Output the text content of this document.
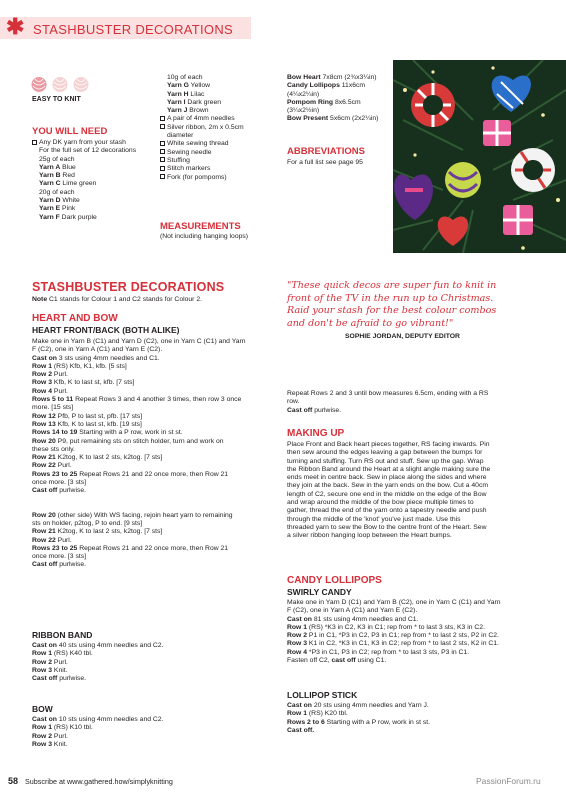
✱ STASHBUSTER DECORATIONS
EASY TO KNIT
YOU WILL NEED
Any DK yarn from your stash
For the full set of 12 decorations
25g of each
Yarn A Blue
Yarn B Red
Yarn C Lime green
20g of each
Yarn D White
Yarn E Pink
Yarn F Dark purple
10g of each
Yarn G Yellow
Yarn H Lilac
Yarn I Dark green
Yarn J Brown
A pair of 4mm needles
Silver ribbon, 2m x 0.5cm
diameter
White sewing thread
Sewing needle
Stuffing
Stitch markers
Fork (for pompoms)
MEASUREMENTS
(Not including hanging loops)
Bow Heart 7x8cm (2¾x3¼in)
Candy Lollipops 11x6cm
(4¼x2¼in)
Pompom Ring 8x6.5cm
(3¼x2½in)
Bow Present 5x6cm (2x2¼in)
ABBREVIATIONS
For a full list see page 95
STASHBUSTER DECORATIONS
Note C1 stands for Colour 1 and C2 stands for Colour 2.
HEART AND BOW
HEART FRONT/BACK (BOTH ALIKE)
Make one in Yarn B (C1) and Yarn D (C2), one in Yarn C (C1) and Yarn
F (C2), one in Yarn A (C1) and Yarn E (C2).
Cast on 3 sts using 4mm needles and C1.
Row 1 (RS) Kfb, K1, kfb. [5 sts]
Row 2 Purl.
Row 3 Kfb, K to last st, kfb. [7 sts]
Row 4 Purl.
Rows 5 to 11 Repeat Rows 3 and 4 another 3 times, then row 3 once
more. [15 sts]
Row 12 Pfb, P to last st, pfb. [17 sts]
Row 13 Kfb, K to last st, kfb. [19 sts]
Rows 14 to 19 Starting with a P row, work in st st.
Row 20 P9, put remaining sts on stitch holder, turn and work on
these sts only.
Row 21 K2tog, K to last 2 sts, k2tog. [7 sts]
Row 22 Purl.
Rows 23 to 25 Repeat Rows 21 and 22 once more, then Row 21
once more. [3 sts]
Cast off purlwise.
Row 20 (other side) With WS facing, rejoin heart yarn to remaining
sts on holder, p2tog, P to end. [9 sts]
Row 21 K2tog, K to last 2 sts, k2tog. [7 sts]
Row 22 Purl.
Rows 23 to 25 Repeat Rows 21 and 22 once more, then Row 21
once more. [3 sts]
Cast off purlwise.
RIBBON BAND
Cast on 40 sts using 4mm needles and C2.
Row 1 (RS) K40 tbl.
Row 2 Purl.
Row 3 Knit.
Cast off purlwise.
BOW
Cast on 10 sts using 4mm needles and C2.
Row 1 (RS) K10 tbl.
Row 2 Purl.
Row 3 Knit.
"These quick decos are super fun to knit in
front of the TV in the run up to Christmas.
Raid your stash for the best colour combos
and don't be afraid to go vibrant!"
SOPHIE JORDAN, DEPUTY EDITOR
Repeat Rows 2 and 3 until bow measures 6.5cm, ending with a RS
row.
Cast off purlwise.
MAKING UP
Place Front and Back heart pieces together, RS facing inwards. Pin
then sew around the edges leaving a gap between the bumps for
turning and stuffing. Turn RS out and stuff. Sew up the gap. Wrap
the Ribbon Band around the Heart at a slight angle making sure the
ends meet in centre back. Sew in place along the sides and where
they join at the back. Sew in the yarn ends on the bow. Cut a 40cm
length of C2, secure one end in the middle on the edge of the Bow
and wrap around the middle of the bow piece multiple times to
gather, thread the end of the yarn onto a tapestry needle and push
through the middle of the 'knot' you've just made. Use this
threaded yarn to sew the Bow to the centre front of the Heart. Sew
a silver ribbon hanging loop between the Heart bumps.
CANDY LOLLIPOPS
SWIRLY CANDY
Make one in Yarn D (C1) and Yarn B (C2), one in Yarn C (C1) and Yarn
F (C2), one in Yarn A (C1) and Yarn E (C2).
Cast on 81 sts using 4mm needles and C1.
Row 1 (RS) *K3 in C2, K3 in C1; rep from * to last 3 sts, K3 in C2.
Row 2 P1 in C1, *P3 in C2, P3 in C1; rep from * to last 2 sts, P2 in C2.
Row 3 K1 in C2, *K3 in C1, K3 in C2; rep from * to last 2 sts, K2 in C1.
Row 4 *P3 in C1, P3 in C2; rep from * to last 3 sts, P3 in C1.
Fasten off C2, cast off using C1.
LOLLIPOP STICK
Cast on 20 sts using 4mm needles and Yarn J.
Row 1 (RS) K20 tbl.
Rows 2 to 6 Starting with a P row, work in st st.
Cast off.
58 Subscribe at www.gathered.how/simplyknitting	PassionForum.ru
